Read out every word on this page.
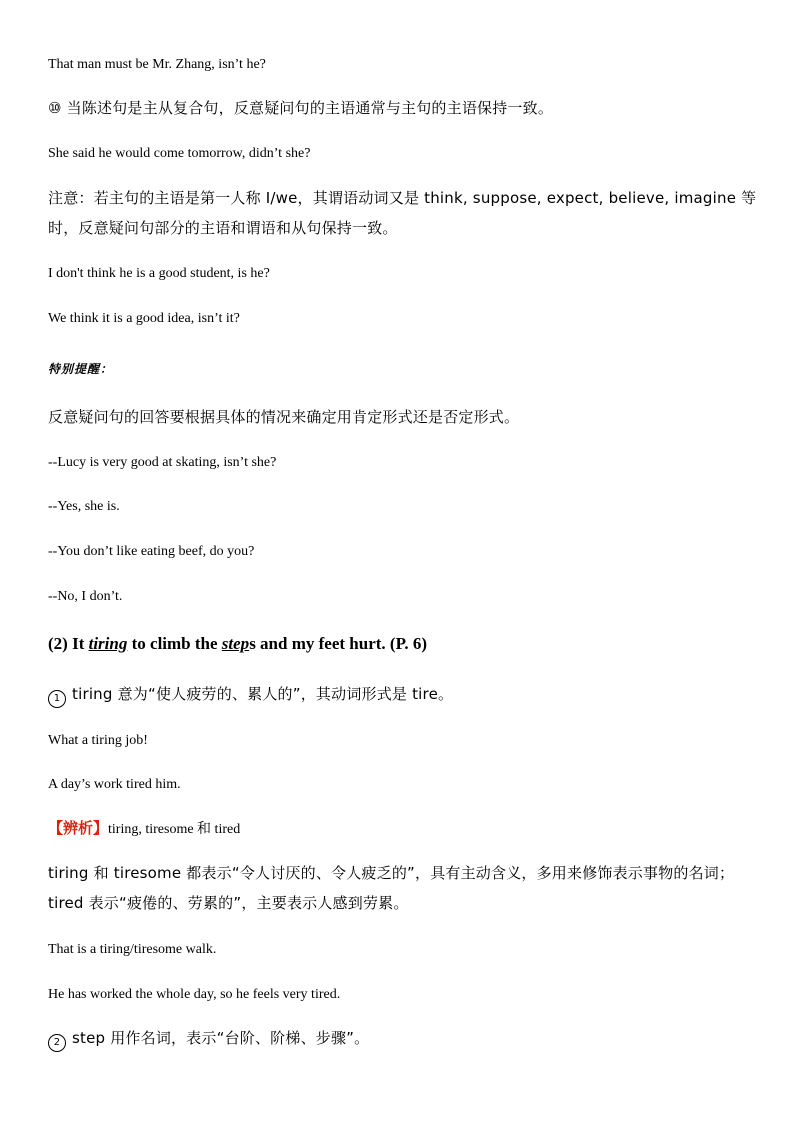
That man must be Mr. Zhang, isn’t he?
⑩ 当陈述句是主从复合句，反意疑问句的主语通常与主句的主语保持一致。
She said he would come tomorrow, didn’t she?
注意：若主句的主语是第一人称 I/we，其谓语动词又是 think, suppose, expect, believe, imagine 等时，反意疑问句部分的主语和谓语和从句保持一致。
I don't think he is a good student, is he?
We think it is a good idea, isn’t it?
特别提醒：
反意疑问句的回答要根据具体的情况来确定用肯定形式还是否定形式。
--Lucy is very good at skating, isn’t she?
--Yes, she is.
--You don’t like eating beef, do you?
--No, I don’t.
(2) It tiring to climb the steps and my feet hurt. (P. 6)
1 tiring 意为“使人疲劳的、累人的”，其动词形式是 tire。
What a tiring job!
A day’s work tired him.
【辨析】tiring, tiresome 和 tired
tiring 和 tiresome 都表示“令人讨厌的、令人疲乏的”，具有主动含义，多用来修饰表示事物的名词；tired 表示“疲倦的、劳累的”，主要表示人感到劳累。
That is a tiring/tiresome walk.
He has worked the whole day, so he feels very tired.
2 step 用作名词，表示“台阶、阶梯、步骤”。
